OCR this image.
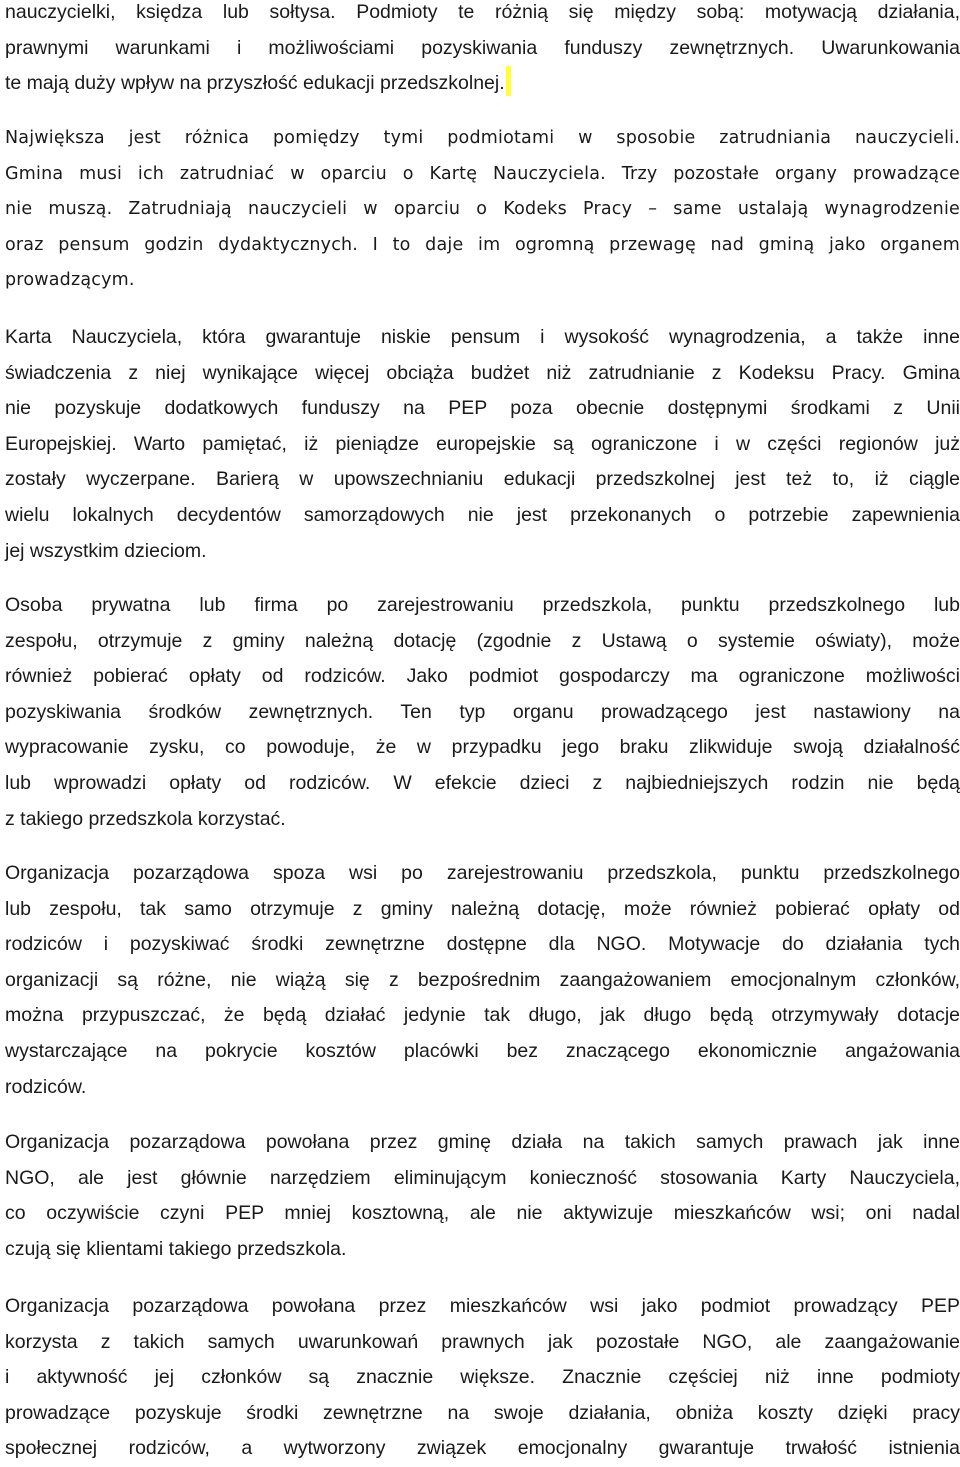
nauczycielki, księdza lub sołtysa. Podmioty te różnią się między sobą: motywacją działania,
prawnymi warunkami i możliwościami pozyskiwania funduszy zewnętrznych. Uwarunkowania
te mają duży wpływ na przyszłość edukacji przedszkolnej.
Największa jest różnica pomiędzy tymi podmiotami w sposobie zatrudniania nauczycieli.
Gmina musi ich zatrudniać w oparciu o Kartę Nauczyciela. Trzy pozostałe organy prowadzące
nie muszą. Zatrudniają nauczycieli w oparciu o Kodeks Pracy – same ustalają wynagrodzenie
oraz pensum godzin dydaktycznych. I to daje im ogromną przewagę nad gminą jako organem
prowadzącym.
Karta Nauczyciela, która gwarantuje niskie pensum i wysokość wynagrodzenia, a także inne
świadczenia z niej wynikające więcej obciąża budżet niż zatrudnianie z Kodeksu Pracy. Gmina
nie pozyskuje dodatkowych funduszy na PEP poza obecnie dostępnymi środkami z Unii
Europejskiej. Warto pamiętać, iż pieniądze europejskie są ograniczone i w części regionów już
zostały wyczerpane. Barierą w upowszechnianiu edukacji przedszkolnej jest też to, iż ciągle
wielu lokalnych decydentów samorządowych nie jest przekonanych o potrzebie zapewnienia
jej wszystkim dzieciom.
Osoba prywatna lub firma po zarejestrowaniu przedszkola, punktu przedszkolnego lub
zespołu, otrzymuje z gminy należną dotację (zgodnie z Ustawą o systemie oświaty), może
również pobierać opłaty od rodziców. Jako podmiot gospodarczy ma ograniczone możliwości
pozyskiwania środków zewnętrznych. Ten typ organu prowadzącego jest nastawiony na
wypracowanie zysku, co powoduje, że w przypadku jego braku zlikwiduje swoją działalność
lub wprowadzi opłaty od rodziców. W efekcie dzieci z najbiedniejszych rodzin nie będą
z takiego przedszkola korzystać.
Organizacja pozarządowa spoza wsi po zarejestrowaniu przedszkola, punktu przedszkolnego
lub zespołu, tak samo otrzymuje z gminy należną dotację, może również pobierać opłaty od
rodziców i pozyskiwać środki zewnętrzne dostępne dla NGO. Motywacje do działania tych
organizacji są różne, nie wiążą się z bezpośrednim zaangażowaniem emocjonalnym członków,
można przypuszczać, że będą działać jedynie tak długo, jak długo będą otrzymywały dotacje
wystarczające na pokrycie kosztów placówki bez znaczącego ekonomicznie angażowania
rodziców.
Organizacja pozarządowa powołana przez gminę działa na takich samych prawach jak inne
NGO, ale jest głównie narzędziem eliminującym konieczność stosowania Karty Nauczyciela,
co oczywiście czyni PEP mniej kosztowną, ale nie aktywizuje mieszkańców wsi; oni nadal
czują się klientami takiego przedszkola.
Organizacja pozarządowa powołana przez mieszkańców wsi jako podmiot prowadzący PEP
korzysta z takich samych uwarunkowań prawnych jak pozostałe NGO, ale zaangażowanie
i aktywność jej członków są znacznie większe. Znacznie częściej niż inne podmioty
prowadzące pozyskuje środki zewnętrzne na swoje działania, obniża koszty dzięki pracy
społecznej rodziców, a wytworzony związek emocjonalny gwarantuje trwałość istnienia
